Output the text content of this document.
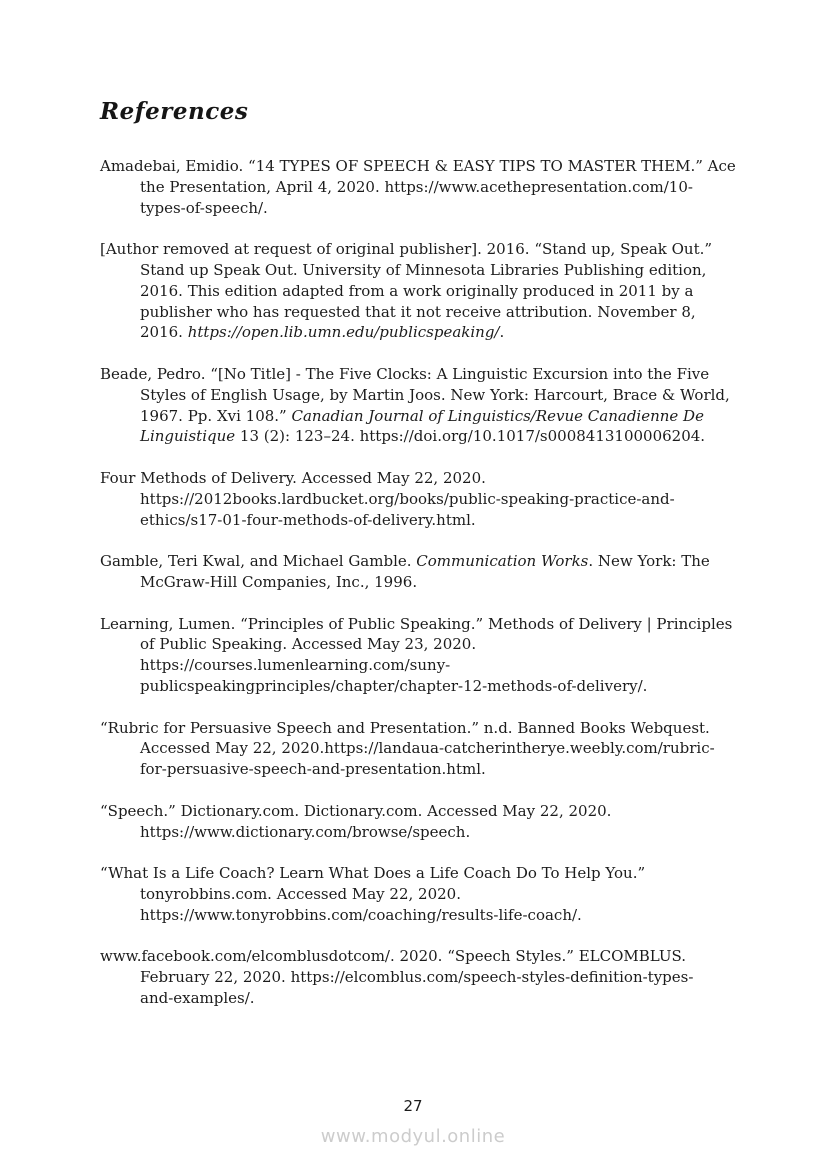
References
Amadebai, Emidio. “14 TYPES OF SPEECH & EASY TIPS TO MASTER THEM.” Ace
the Presentation, April 4, 2020. https://www.acethepresentation.com/10-
types-of-speech/.
[Author removed at request of original publisher]. 2016. “Stand up, Speak Out.”
Stand up Speak Out. University of Minnesota Libraries Publishing edition,
2016. This edition adapted from a work originally produced in 2011 by a
publisher who has requested that it not receive attribution. November 8,
2016. https://open.lib.umn.edu/publicspeaking/.
Beade, Pedro. “[No Title] - The Five Clocks: A Linguistic Excursion into the Five
Styles of English Usage, by Martin Joos. New York: Harcourt, Brace & World,
1967. Pp. Xvi 108.” Canadian Journal of Linguistics/Revue Canadienne De
Linguistique 13 (2): 123–24. https://doi.org/10.1017/s0008413100006204.
Four Methods of Delivery. Accessed May 22, 2020.
https://2012books.lardbucket.org/books/public-speaking-practice-and-
ethics/s17-01-four-methods-of-delivery.html.
Gamble, Teri Kwal, and Michael Gamble. Communication Works. New York: The
McGraw-Hill Companies, Inc., 1996.
Learning, Lumen. “Principles of Public Speaking.” Methods of Delivery | Principles
of Public Speaking. Accessed May 23, 2020.
https://courses.lumenlearning.com/suny-
publicspeakingprinciples/chapter/chapter-12-methods-of-delivery/.
“Rubric for Persuasive Speech and Presentation.” n.d. Banned Books Webquest.
Accessed May 22, 2020.https://landaua-catcherintherye.weebly.com/rubric-
for-persuasive-speech-and-presentation.html.
“Speech.” Dictionary.com. Dictionary.com. Accessed May 22, 2020.
https://www.dictionary.com/browse/speech.
“What Is a Life Coach? Learn What Does a Life Coach Do To Help You.”
tonyrobbins.com. Accessed May 22, 2020.
https://www.tonyrobbins.com/coaching/results-life-coach/.
www.facebook.com/elcomblusdotcom/. 2020. “Speech Styles.” ELCOMBLUS.
February 22, 2020. https://elcomblus.com/speech-styles-definition-types-
and-examples/.
27
www.modyul.online
